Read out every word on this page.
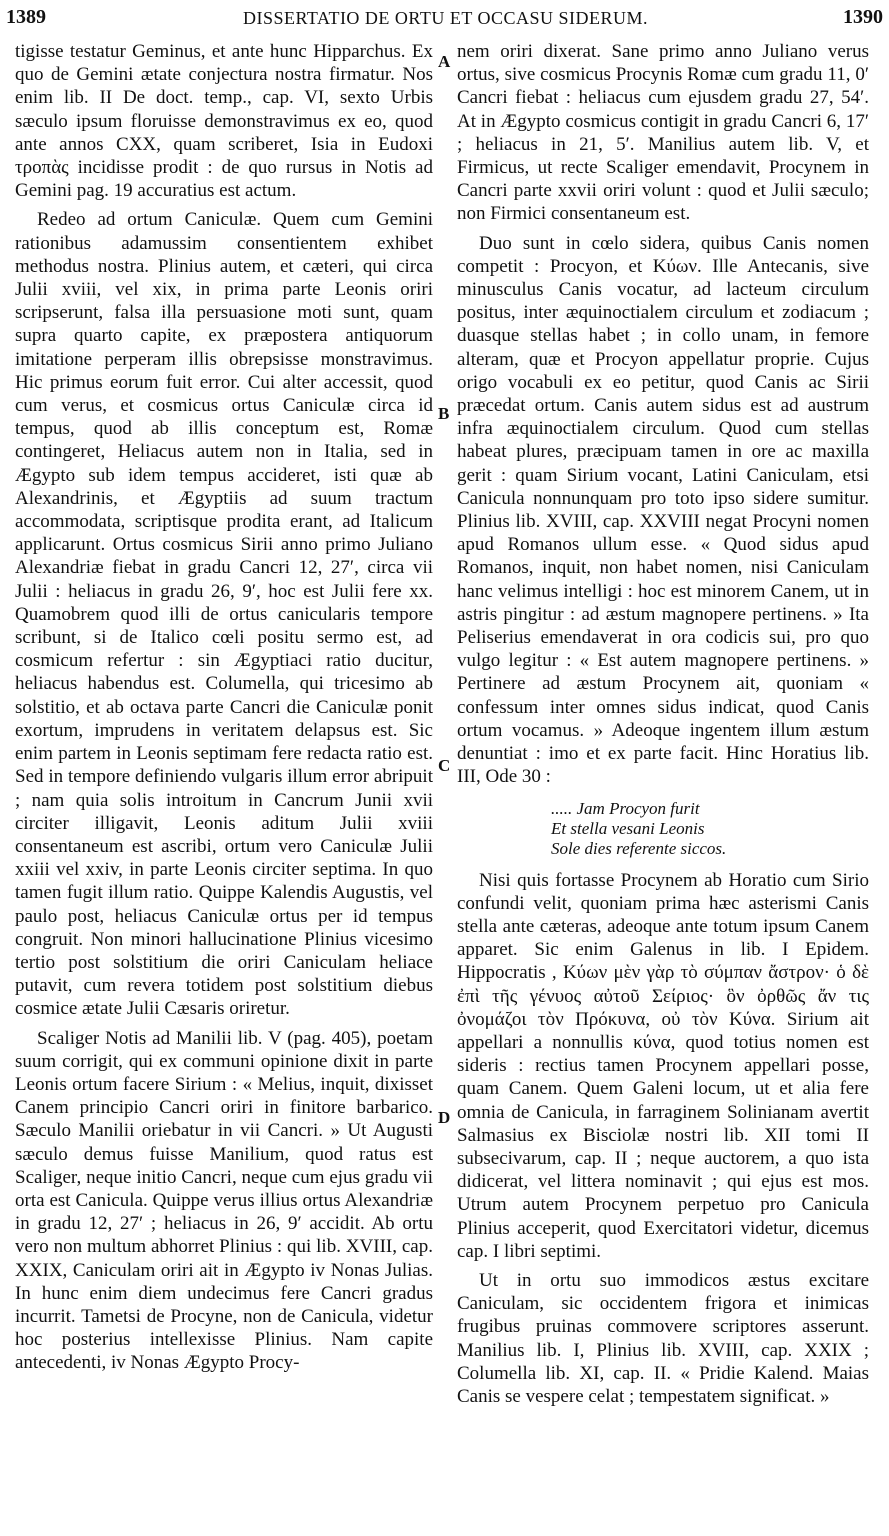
1389	DISSERTATIO DE ORTU ET OCCASU SIDERUM.	1390
A
B
C
D

tigisse testatur Geminus, et ante hunc Hipparchus. Ex quo de Gemini ætate conjectura nostra firmatur. Nos enim lib. II De doct. temp., cap. VI, sexto Urbis sæculo ipsum floruisse demonstravimus ex eo, quod ante annos CXX, quam scriberet, Isia in Eudoxi τροπὰς incidisse prodit : de quo rursus in Notis ad Gemini pag. 19 accuratius est actum.

Redeo ad ortum Caniculæ. Quem cum Gemini rationibus adamussim consentientem exhibet methodus nostra. Plinius autem, et cæteri, qui circa Julii xviii, vel xix, in prima parte Leonis oriri scripserunt, falsa illa persuasione moti sunt, quam supra quarto capite, ex præpostera antiquorum imitatione perperam illis obrepsisse monstravimus. Hic primus eorum fuit error. Cui alter accessit, quod cum verus, et cosmicus ortus Caniculæ circa id tempus, quod ab illis conceptum est, Romæ contingeret, Heliacus autem non in Italia, sed in Ægypto sub idem tempus accideret, isti quæ ab Alexandrinis, et Ægyptiis ad suum tractum accommodata, scriptisque prodita erant, ad Italicum applicarunt. Ortus cosmicus Sirii anno primo Juliano Alexandriæ fiebat in gradu Cancri 12, 27′, circa vii Julii : heliacus in gradu 26, 9′, hoc est Julii fere xx. Quamobrem quod illi de ortus canicularis tempore scribunt, si de Italico cœli positu sermo est, ad cosmicum refertur : sin Ægyptiaci ratio ducitur, heliacus habendus est. Columella, qui tricesimo ab solstitio, et ab octava parte Cancri die Caniculæ ponit exortum, imprudens in veritatem delapsus est. Sic enim partem in Leonis septimam fere redacta ratio est. Sed in tempore definiendo vulgaris illum error abripuit ; nam quia solis introitum in Cancrum Junii xvii circiter illigavit, Leonis aditum Julii xviii consentaneum est ascribi, ortum vero Caniculæ Julii xxiii vel xxiv, in parte Leonis circiter septima. In quo tamen fugit illum ratio. Quippe Kalendis Augustis, vel paulo post, heliacus Caniculæ ortus per id tempus congruit. Non minori hallucinatione Plinius vicesimo tertio post solstitium die oriri Caniculam heliace putavit, cum revera totidem post solstitium diebus cosmice ætate Julii Cæsaris oriretur.

Scaliger Notis ad Manilii lib. V (pag. 405), poetam suum corrigit, qui ex communi opinione dixit in parte Leonis ortum facere Sirium : « Melius, inquit, dixisset Canem principio Cancri oriri in finitore barbarico. Sæculo Manilii oriebatur in vii Cancri. » Ut Augusti sæculo demus fuisse Manilium, quod ratus est Scaliger, neque initio Cancri, neque cum ejus gradu vii orta est Canicula. Quippe verus illius ortus Alexandriæ in gradu 12, 27′ ; heliacus in 26, 9′ accidit. Ab ortu vero non multum abhorret Plinius : qui lib. XVIII, cap. XXIX, Caniculam oriri ait in Ægypto iv Nonas Julias. In hunc enim diem undecimus fere Cancri gradus incurrit. Tametsi de Procyne, non de Canicula, videtur hoc posterius intellexisse Plinius. Nam capite antecedenti, iv Nonas Ægypto Procy-

nem oriri dixerat. Sane primo anno Juliano verus ortus, sive cosmicus Procynis Romæ cum gradu 11, 0′ Cancri fiebat : heliacus cum ejusdem gradu 27, 54′. At in Ægypto cosmicus contigit in gradu Cancri 6, 17′ ; heliacus in 21, 5′. Manilius autem lib. V, et Firmicus, ut recte Scaliger emendavit, Procynem in Cancri parte xxvii oriri volunt : quod et Julii sæculo; non Firmici consentaneum est.

Duo sunt in cœlo sidera, quibus Canis nomen competit : Procyon, et Κύων. Ille Antecanis, sive minusculus Canis vocatur, ad lacteum circulum positus, inter æquinoctialem circulum et zodiacum ; duasque stellas habet ; in collo unam, in femore alteram, quæ et Procyon appellatur proprie. Cujus origo vocabuli ex eo petitur, quod Canis ac Sirii præcedat ortum. Canis autem sidus est ad austrum infra æquinoctialem circulum. Quod cum stellas habeat plures, præcipuam tamen in ore ac maxilla gerit : quam Sirium vocant, Latini Caniculam, etsi Canicula nonnunquam pro toto ipso sidere sumitur. Plinius lib. XVIII, cap. XXVIII negat Procyni nomen apud Romanos ullum esse. « Quod sidus apud Romanos, inquit, non habet nomen, nisi Caniculam hanc velimus intelligi : hoc est minorem Canem, ut in astris pingitur : ad æstum magnopere pertinens. » Ita Peliserius emendaverat in ora codicis sui, pro quo vulgo legitur : « Est autem magnopere pertinens. » Pertinere ad æstum Procynem ait, quoniam « confessum inter omnes sidus indicat, quod Canis ortum vocamus. » Adeoque ingentem illum æstum denuntiat : imo et ex parte facit. Hinc Horatius lib. III, Ode 30 :

..... Jam Procyon furit
Et stella vesani Leonis
Sole dies referente siccos.

Nisi quis fortasse Procynem ab Horatio cum Sirio confundi velit, quoniam prima hæc asterismi Canis stella ante cæteras, adeoque ante totum ipsum Canem apparet. Sic enim Galenus in lib. I Epidem. Hippocratis , Κύων μὲν γὰρ τὸ σύμπαν ἄστρον· ὁ δὲ ἐπὶ τῆς γένυος αὐτοῦ Σείριος· ὃν ὀρθῶς ἄν τις ὀνομάζοι τὸν Πρόκυνα, οὐ τὸν Κύνα. Sirium ait appellari a nonnullis κύνα, quod totius nomen est sideris : rectius tamen Procynem appellari posse, quam Canem. Quem Galeni locum, ut et alia fere omnia de Canicula, in farraginem Solinianam avertit Salmasius ex Bisciolæ nostri lib. XII tomi II subsecivarum, cap. II ; neque auctorem, a quo ista didicerat, vel littera nominavit ; qui ejus est mos. Utrum autem Procynem perpetuo pro Canicula Plinius acceperit, quod Exercitatori videtur, dicemus cap. I libri septimi.

Ut in ortu suo immodicos æstus excitare Caniculam, sic occidentem frigora et inimicas frugibus pruinas commovere scriptores asserunt. Manilius lib. I, Plinius lib. XVIII, cap. XXIX ; Columella lib. XI, cap. II. « Pridie Kalend. Maias Canis se vespere celat ; tempestatem significat. »
